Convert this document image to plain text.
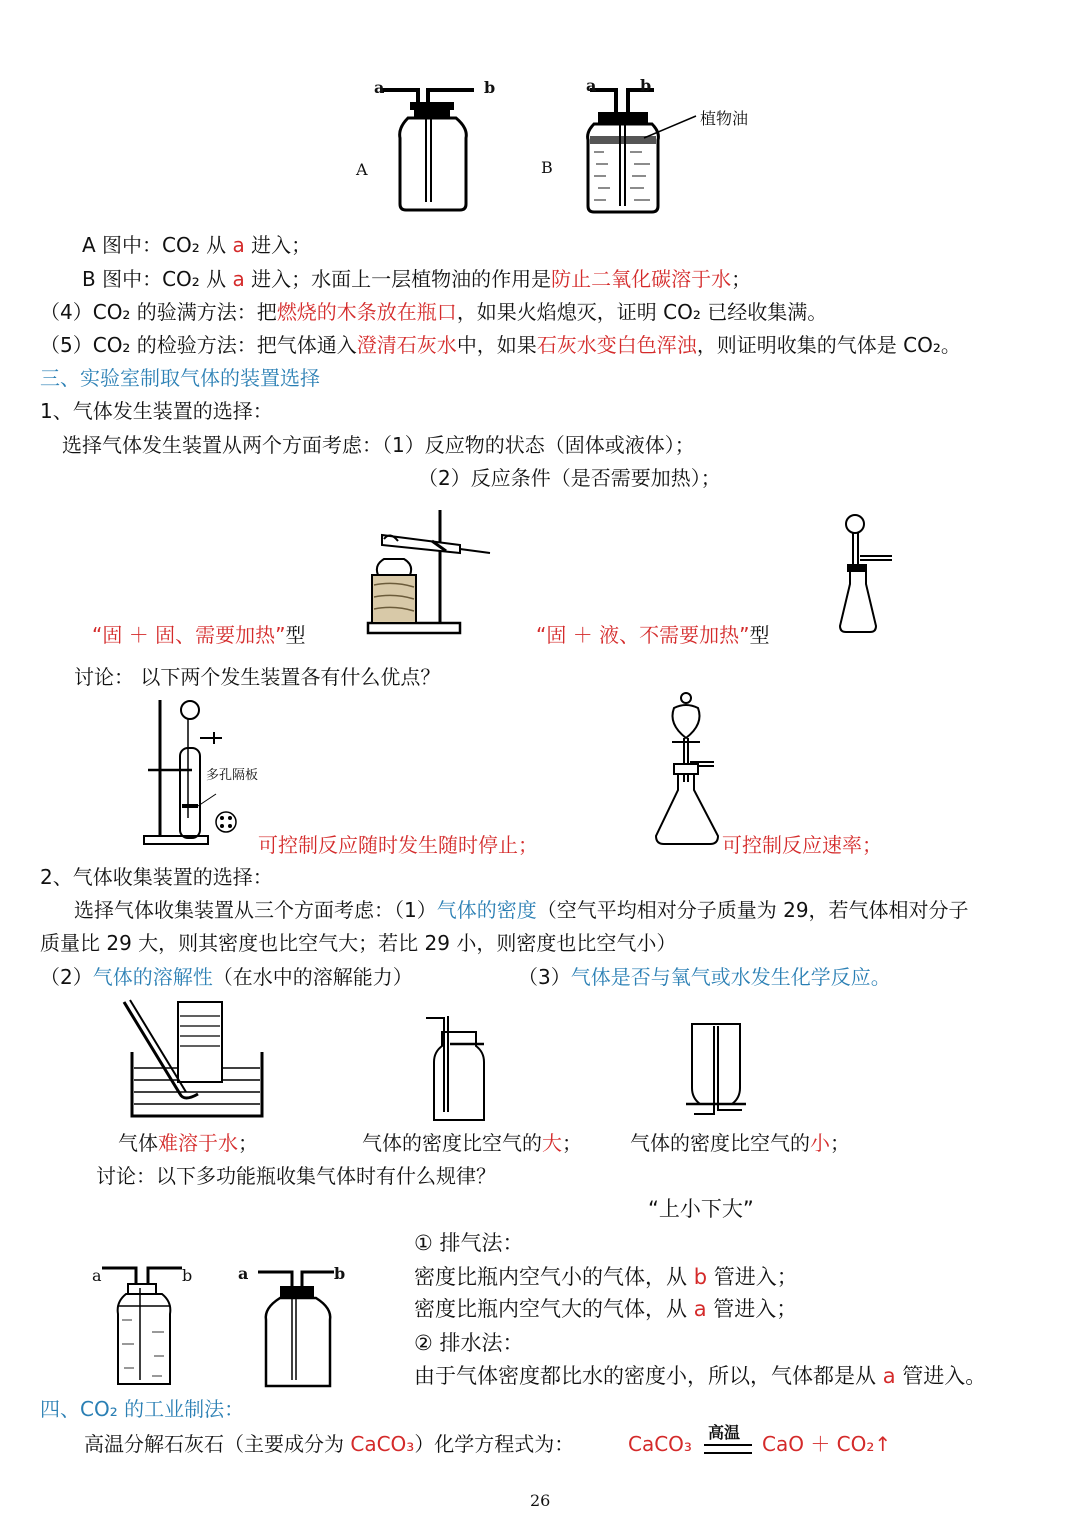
a	b
A
a	b
B
植物油
A 图中：CO₂ 从 a 进入；
B 图中：CO₂ 从 a 进入；水面上一层植物油的作用是防止二氧化碳溶于水；
（4）CO₂ 的验满方法：把燃烧的木条放在瓶口，如果火焰熄灭，证明 CO₂ 已经收集满。
（5）CO₂ 的检验方法：把气体通入澄清石灰水中，如果石灰水变白色浑浊，则证明收集的气体是 CO₂。
三、实验室制取气体的装置选择
1、气体发生装置的选择：
选择气体发生装置从两个方面考虑：（1）反应物的状态（固体或液体）；
（2）反应条件（是否需要加热）；
“固 ＋ 固、需要加热”型	“固 ＋ 液、不需要加热”型
讨论： 以下两个发生装置各有什么优点？
多孔隔板
可控制反应随时发生随时停止；	可控制反应速率；
2、气体收集装置的选择：
选择气体收集装置从三个方面考虑：（1）气体的密度（空气平均相对分子质量为 29，若气体相对分子
质量比 29 大，则其密度也比空气大；若比 29 小，则密度也比空气小）
（2）气体的溶解性（在水中的溶解能力）	（3）气体是否与氧气或水发生化学反应。
气体难溶于水；	气体的密度比空气的大； 气体的密度比空气的小；
讨论：以下多功能瓶收集气体时有什么规律？
“上小下大”
a	b	a	b
① 排气法：
密度比瓶内空气小的气体，从 b 管进入；
密度比瓶内空气大的气体，从 a 管进入；
② 排水法：
由于气体密度都比水的密度小，所以，气体都是从 a 管进入。
四、CO₂ 的工业制法：
高温分解石灰石（主要成分为 CaCO₃）化学方程式为：	CaCO₃ 高温 CaO ＋ CO₂↑
26
